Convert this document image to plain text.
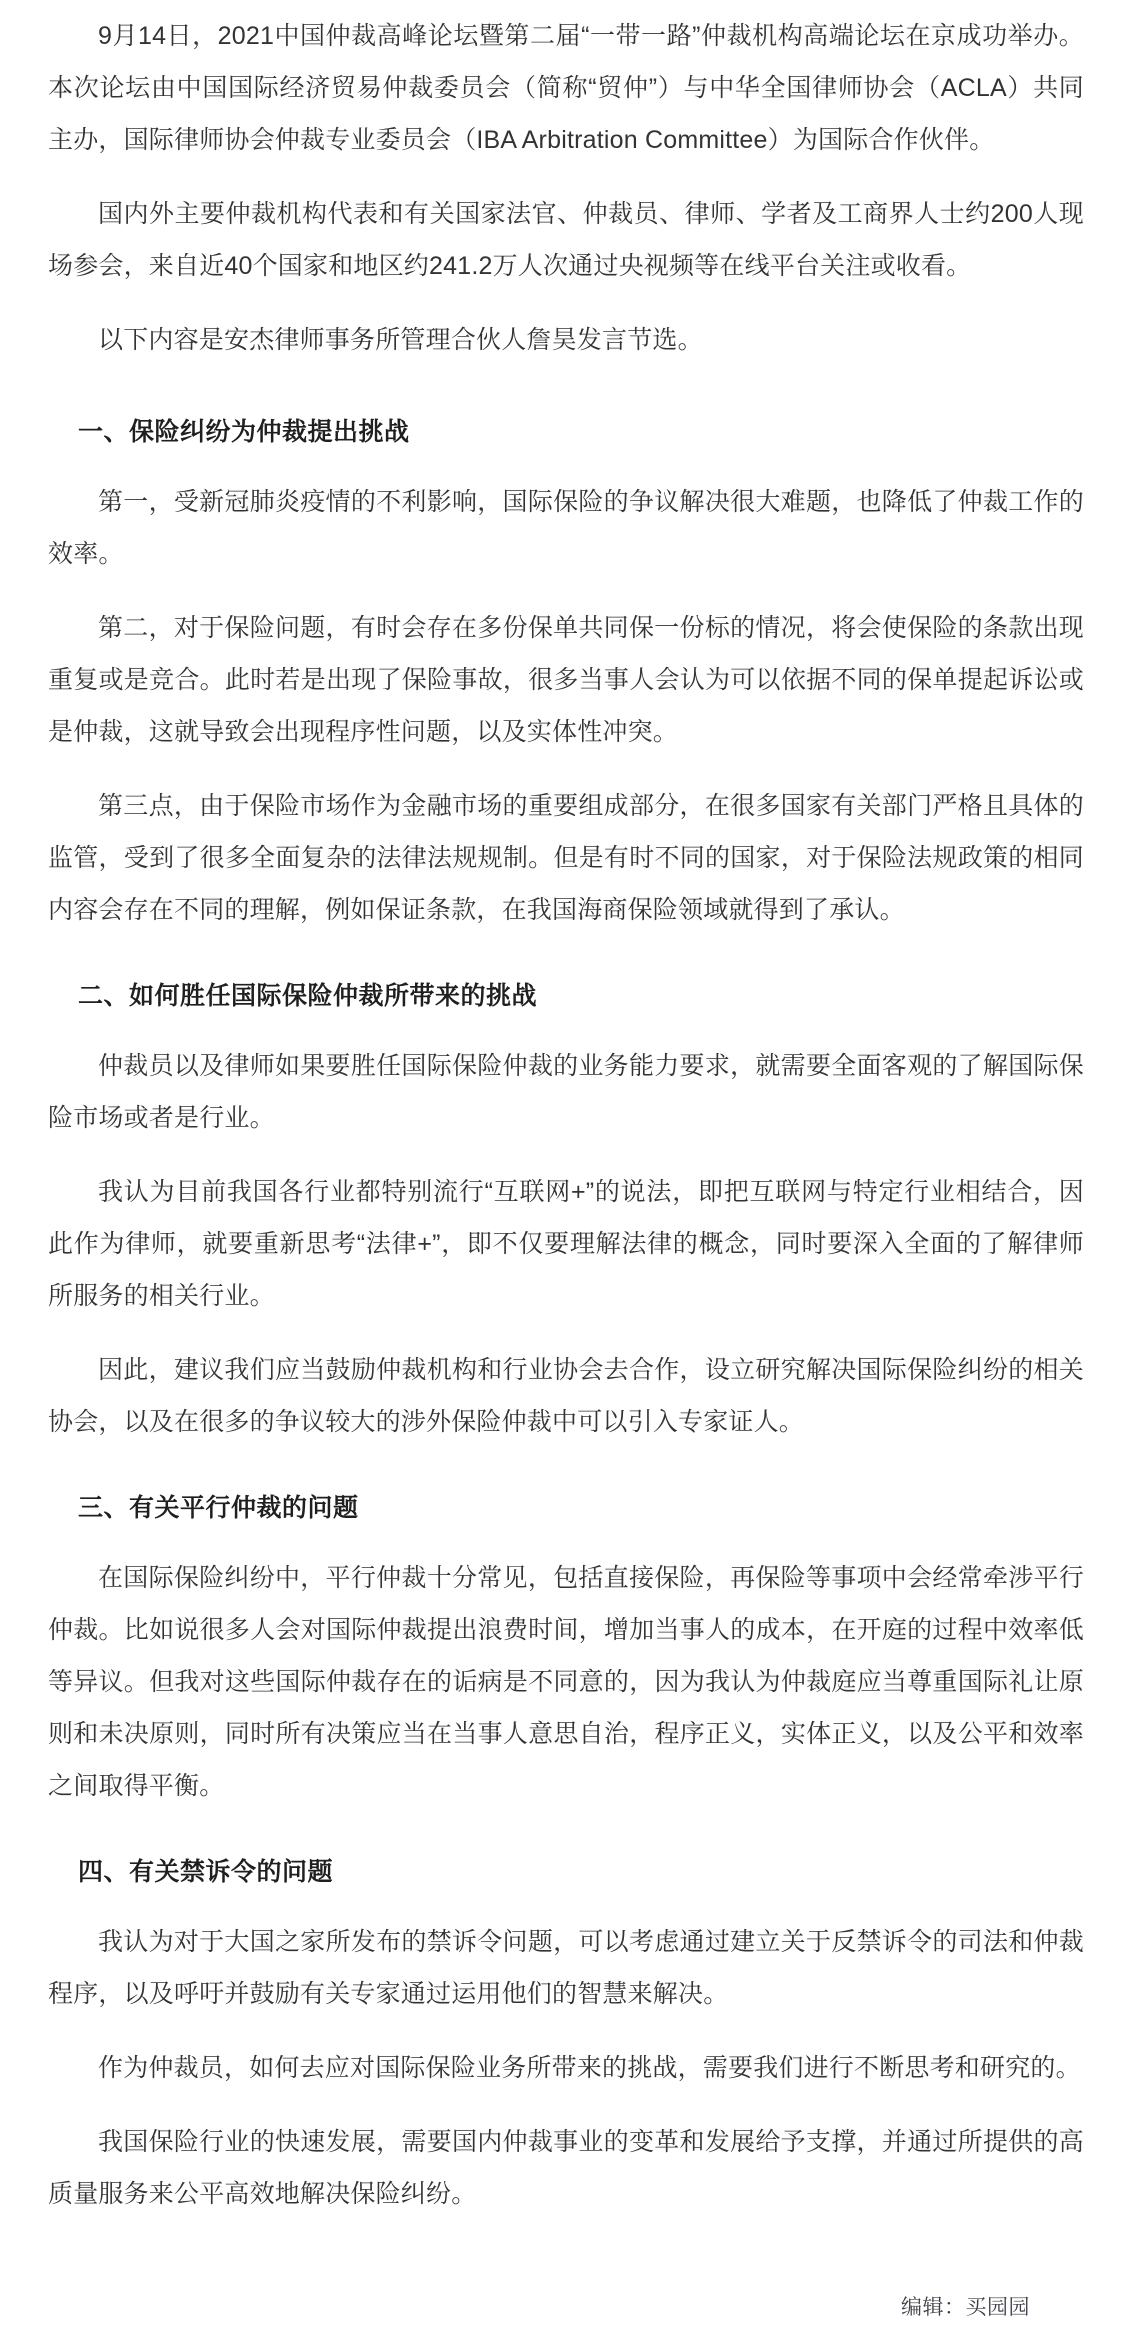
9月14日，2021中国仲裁高峰论坛暨第二届“一带一路”仲裁机构高端论坛在京成功举办。本次论坛由中国国际经济贸易仲裁委员会（简称“贸仲”）与中华全国律师协会（ACLA）共同主办，国际律师协会仲裁专业委员会（IBA Arbitration Committee）为国际合作伙伴。

国内外主要仲裁机构代表和有关国家法官、仲裁员、律师、学者及工商界人士约200人现场参会，来自近40个国家和地区约241.2万人次通过央视频等在线平台关注或收看。

以下内容是安杰律师事务所管理合伙人詹昊发言节选。

一、保险纠纷为仲裁提出挑战

第一，受新冠肺炎疫情的不利影响，国际保险的争议解决很大难题，也降低了仲裁工作的效率。

第二，对于保险问题，有时会存在多份保单共同保一份标的情况，将会使保险的条款出现重复或是竞合。此时若是出现了保险事故，很多当事人会认为可以依据不同的保单提起诉讼或是仲裁，这就导致会出现程序性问题，以及实体性冲突。

第三点，由于保险市场作为金融市场的重要组成部分，在很多国家有关部门严格且具体的监管，受到了很多全面复杂的法律法规规制。但是有时不同的国家，对于保险法规政策的相同内容会存在不同的理解，例如保证条款，在我国海商保险领域就得到了承认。

二、如何胜任国际保险仲裁所带来的挑战

仲裁员以及律师如果要胜任国际保险仲裁的业务能力要求，就需要全面客观的了解国际保险市场或者是行业。

我认为目前我国各行业都特别流行“互联网+”的说法，即把互联网与特定行业相结合，因此作为律师，就要重新思考“法律+”，即不仅要理解法律的概念，同时要深入全面的了解律师所服务的相关行业。

因此，建议我们应当鼓励仲裁机构和行业协会去合作，设立研究解决国际保险纠纷的相关协会，以及在很多的争议较大的涉外保险仲裁中可以引入专家证人。

三、有关平行仲裁的问题

在国际保险纠纷中，平行仲裁十分常见，包括直接保险，再保险等事项中会经常牵涉平行仲裁。比如说很多人会对国际仲裁提出浪费时间，增加当事人的成本，在开庭的过程中效率低等异议。但我对这些国际仲裁存在的诟病是不同意的，因为我认为仲裁庭应当尊重国际礼让原则和未决原则，同时所有决策应当在当事人意思自治，程序正义，实体正义，以及公平和效率之间取得平衡。

四、有关禁诉令的问题

我认为对于大国之家所发布的禁诉令问题，可以考虑通过建立关于反禁诉令的司法和仲裁程序，以及呼吁并鼓励有关专家通过运用他们的智慧来解决。

作为仲裁员，如何去应对国际保险业务所带来的挑战，需要我们进行不断思考和研究的。

我国保险行业的快速发展，需要国内仲裁事业的变革和发展给予支撑，并通过所提供的高质量服务来公平高效地解决保险纠纷。

编辑：买园园
